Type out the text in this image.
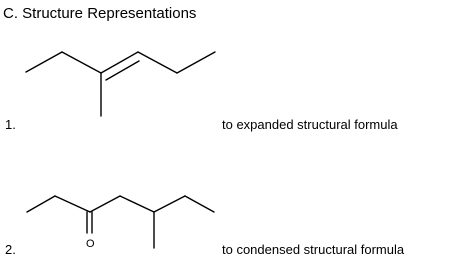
C. Structure Representations
1.	to expanded structural formula
O
2.	to condensed structural formula
